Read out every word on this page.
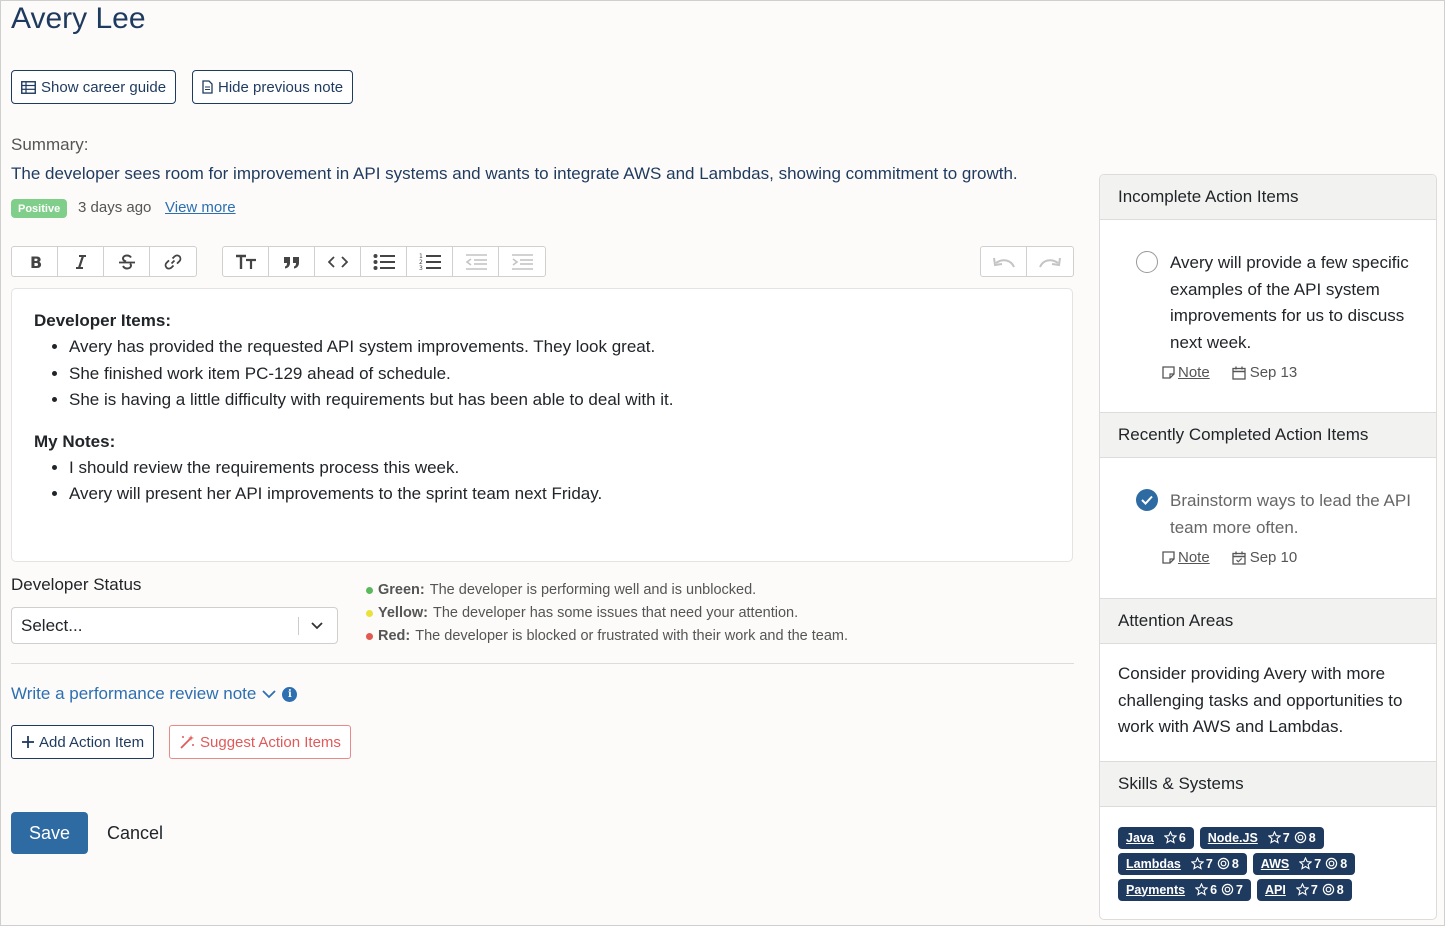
Avery Lee
Show career guide	Hide previous note
Summary:
The developer sees room for improvement in API systems and wants to integrate AWS and Lambdas, showing commitment to growth.
Positive	3 days ago View more
B	1
2
3
Developer Items:
• Avery has provided the requested API system improvements. They look great.
• She finished work item PC-129 ahead of schedule.
• She is having a little difficulty with requirements but has been able to deal with it.
My Notes:
• I should review the requirements process this week.
• Avery will present her API improvements to the sprint team next Friday.
Developer Status
Select...
Green: The developer is performing well and is unblocked.
Yellow: The developer has some issues that need your attention.
Red: The developer is blocked or frustrated with their work and the team.
Write a performance review note	i
Add Action Item	Suggest Action Items
Save	Cancel
Incomplete Action Items
Avery will provide a few specific examples of the API system improvements for us to discuss next week.
Note	Sep 13
Recently Completed Action Items
Brainstorm ways to lead the API team more often.
Note	Sep 10
Attention Areas
Consider providing Avery with more challenging tasks and opportunities to work with AWS and Lambdas.
Skills & Systems
Java 6 Node.JS 7 8
Lambdas 7 8 AWS 7 8
Payments 6 7 API 7 8
